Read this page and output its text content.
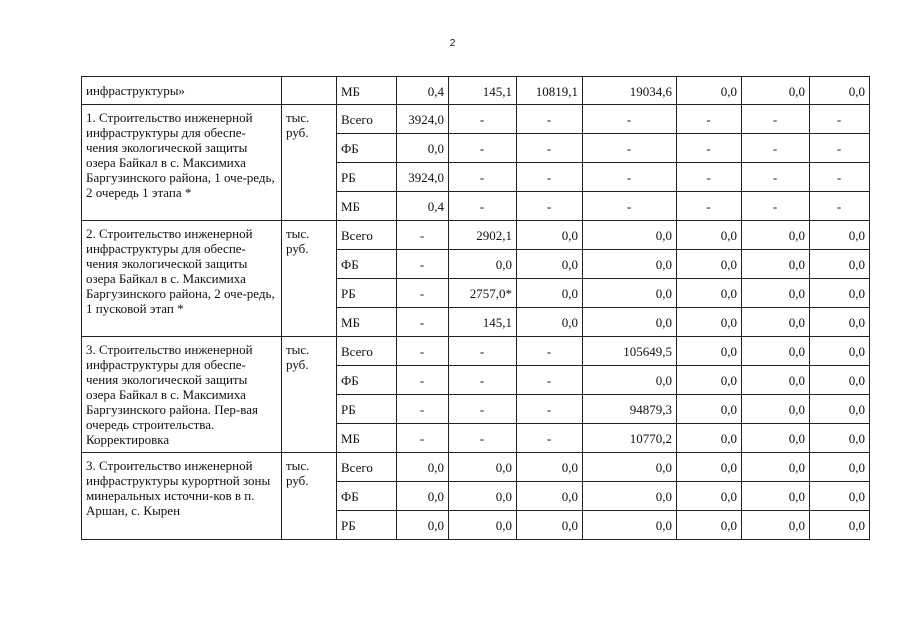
2
инфраструктуры»		МБ	0,4	145,1	10819,1	19034,6	0,0	0,0	0,0
1. Строительство инженерной инфраструктуры для обеспе-чения экологической защиты озера Байкал в с. Максимиха Баргузинского района, 1 оче-редь, 2 очередь 1 этапа *	тыс. руб.	Всего	3924,0	-	-	-	-	-	-
		ФБ	0,0	-	-	-	-	-	-
		РБ	3924,0	-	-	-	-	-	-
		МБ	0,4	-	-	-	-	-	-
2. Строительство инженерной инфраструктуры для обеспе-чения экологической защиты озера Байкал в с. Максимиха Баргузинского района, 2 оче-редь, 1 пусковой этап *	тыс. руб.	Всего	-	2902,1	0,0	0,0	0,0	0,0	0,0
		ФБ	-	0,0	0,0	0,0	0,0	0,0	0,0
		РБ	-	2757,0*	0,0	0,0	0,0	0,0	0,0
		МБ	-	145,1	0,0	0,0	0,0	0,0	0,0
3. Строительство инженерной инфраструктуры для обеспе-чения экологической защиты озера Байкал в с. Максимиха Баргузинского района. Пер-вая очередь строительства. Корректировка	тыс. руб.	Всего	-	-	-	105649,5	0,0	0,0	0,0
		ФБ	-	-	-	0,0	0,0	0,0	0,0
		РБ	-	-	-	94879,3	0,0	0,0	0,0
		МБ	-	-	-	10770,2	0,0	0,0	0,0
3. Строительство инженерной инфраструктуры курортной зоны минеральных источни-ков в п. Аршан, с. Кырен	тыс. руб.	Всего	0,0	0,0	0,0	0,0	0,0	0,0	0,0
		ФБ	0,0	0,0	0,0	0,0	0,0	0,0	0,0
		РБ	0,0	0,0	0,0	0,0	0,0	0,0	0,0
